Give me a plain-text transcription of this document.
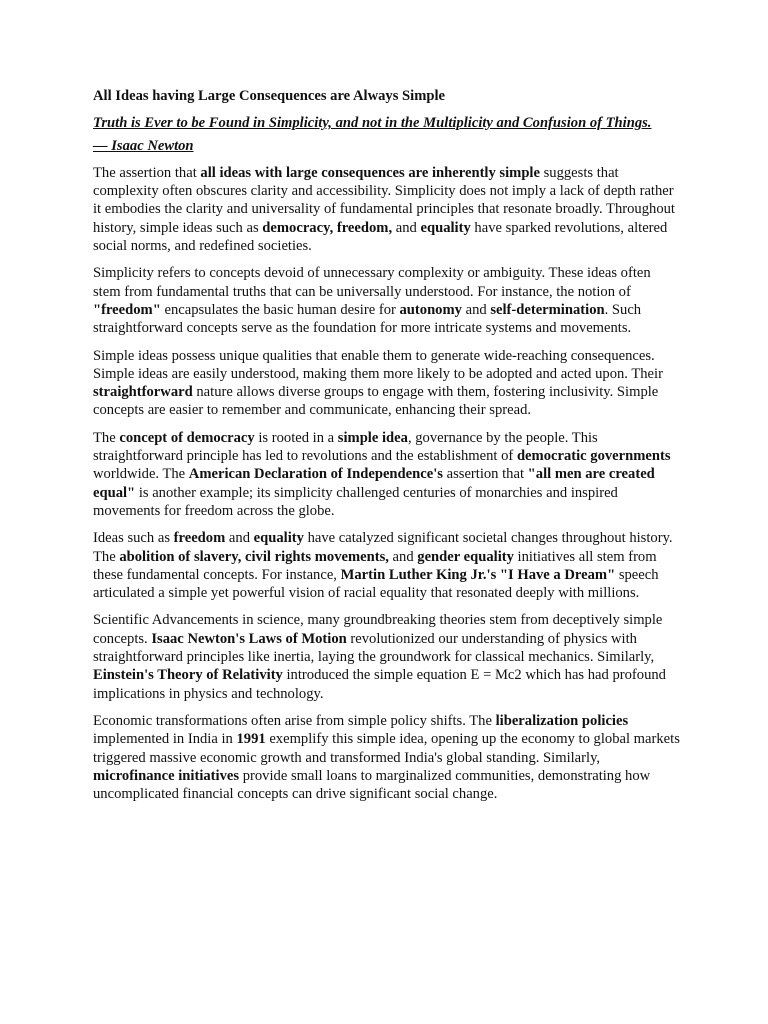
All Ideas having Large Consequences are Always Simple
Truth is Ever to be Found in Simplicity, and not in the Multiplicity and Confusion of Things.
— Isaac Newton

The assertion that all ideas with large consequences are inherently simple suggests that complexity often obscures clarity and accessibility. Simplicity does not imply a lack of depth rather it embodies the clarity and universality of fundamental principles that resonate broadly. Throughout history, simple ideas such as democracy, freedom, and equality have sparked revolutions, altered social norms, and redefined societies.

Simplicity refers to concepts devoid of unnecessary complexity or ambiguity. These ideas often stem from fundamental truths that can be universally understood. For instance, the notion of "freedom" encapsulates the basic human desire for autonomy and self-determination. Such straightforward concepts serve as the foundation for more intricate systems and movements.

Simple ideas possess unique qualities that enable them to generate wide-reaching consequences. Simple ideas are easily understood, making them more likely to be adopted and acted upon. Their straightforward nature allows diverse groups to engage with them, fostering inclusivity. Simple concepts are easier to remember and communicate, enhancing their spread.

The concept of democracy is rooted in a simple idea, governance by the people. This straightforward principle has led to revolutions and the establishment of democratic governments worldwide. The American Declaration of Independence's assertion that "all men are created equal" is another example; its simplicity challenged centuries of monarchies and inspired movements for freedom across the globe.

Ideas such as freedom and equality have catalyzed significant societal changes throughout history. The abolition of slavery, civil rights movements, and gender equality initiatives all stem from these fundamental concepts. For instance, Martin Luther King Jr.'s "I Have a Dream" speech articulated a simple yet powerful vision of racial equality that resonated deeply with millions.

Scientific Advancements in science, many groundbreaking theories stem from deceptively simple concepts. Isaac Newton's Laws of Motion revolutionized our understanding of physics with straightforward principles like inertia, laying the groundwork for classical mechanics. Similarly, Einstein's Theory of Relativity introduced the simple equation E = Mc2 which has had profound implications in physics and technology.

Economic transformations often arise from simple policy shifts. The liberalization policies implemented in India in 1991 exemplify this simple idea, opening up the economy to global markets triggered massive economic growth and transformed India's global standing. Similarly, microfinance initiatives provide small loans to marginalized communities, demonstrating how uncomplicated financial concepts can drive significant social change.
